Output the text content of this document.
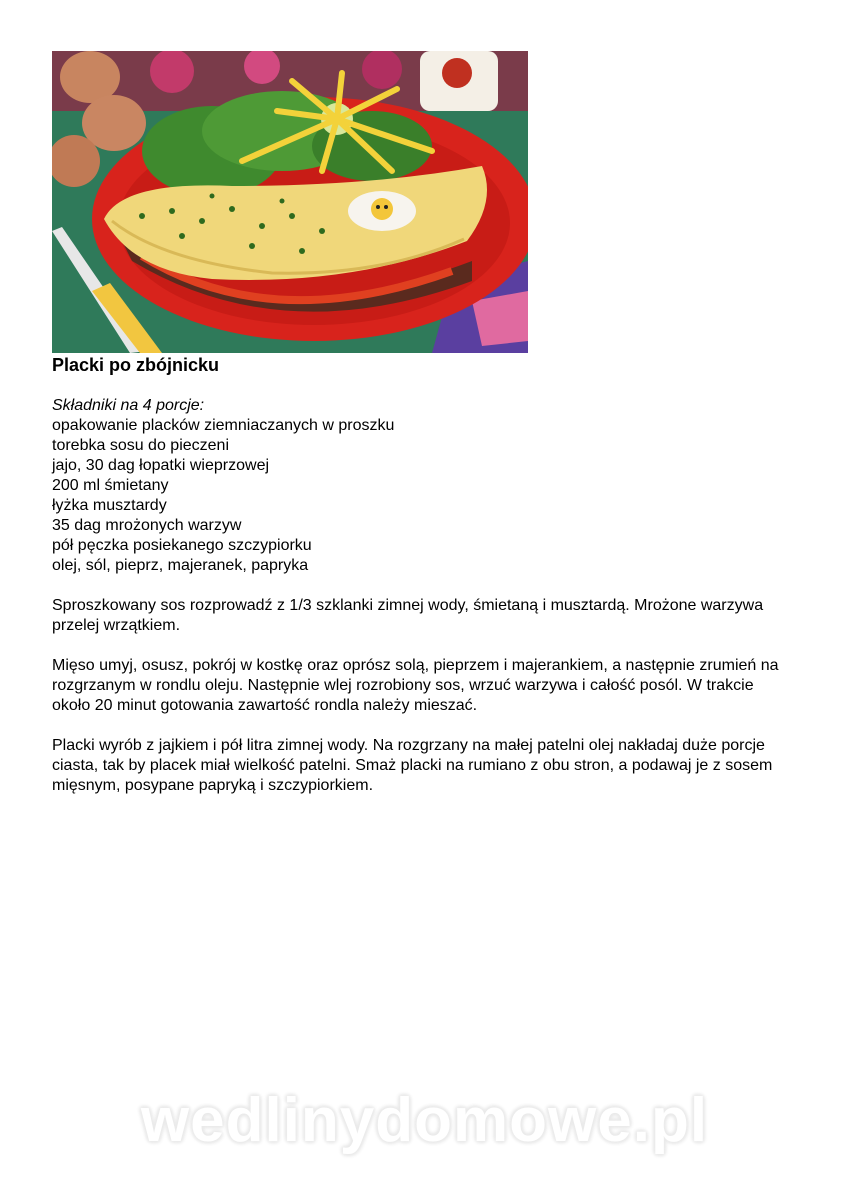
Placki po zbójnicku

Składniki na 4 porcje:

opakowanie placków ziemniaczanych w proszku
torebka sosu do pieczeni
jajo, 30 dag łopatki wieprzowej
200 ml śmietany
łyżka musztardy
35 dag mrożonych warzyw
pół pęczka posiekanego szczypiorku
olej, sól, pieprz, majeranek, papryka

Sproszkowany sos rozprowadź z 1/3 szklanki zimnej wody, śmietaną i musztardą. Mrożone warzywa przelej wrzątkiem.

Mięso umyj, osusz, pokrój w kostkę oraz oprósz solą, pieprzem i majerankiem, a następnie zrumień na rozgrzanym w rondlu oleju. Następnie wlej rozrobiony sos, wrzuć warzywa i całość posól. W trakcie około 20 minut gotowania zawartość rondla należy mieszać.

Placki wyrób z jajkiem i pół litra zimnej wody. Na rozgrzany na małej patelni olej nakładaj duże porcje ciasta, tak by placek miał wielkość patelni. Smaż placki na rumiano z obu stron, a podawaj je z sosem mięsnym, posypane papryką i szczypiorkiem.

wedlinydomowe.pl
